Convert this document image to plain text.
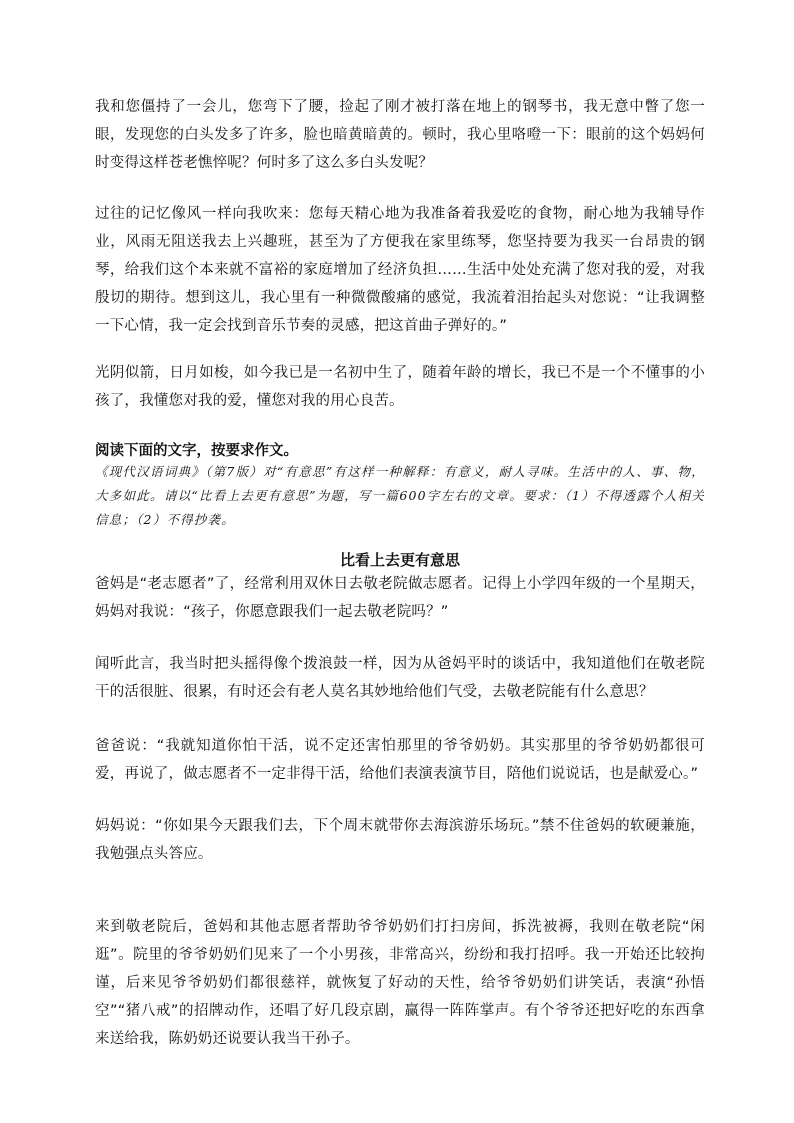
我和您僵持了一会儿，您弯下了腰，捡起了刚才被打落在地上的钢琴书，我无意中瞥了您一眼，发现您的白头发多了许多，脸也暗黄暗黄的。顿时，我心里咯噔一下：眼前的这个妈妈何时变得这样苍老憔悴呢？何时多了这么多白头发呢？

过往的记忆像风一样向我吹来：您每天精心地为我准备着我爱吃的食物，耐心地为我辅导作业，风雨无阻送我去上兴趣班，甚至为了方便我在家里练琴，您坚持要为我买一台昂贵的钢琴，给我们这个本来就不富裕的家庭增加了经济负担……生活中处处充满了您对我的爱，对我殷切的期待。想到这儿，我心里有一种微微酸痛的感觉，我流着泪抬起头对您说：“让我调整一下心情，我一定会找到音乐节奏的灵感，把这首曲子弹好的。”

光阴似箭，日月如梭，如今我已是一名初中生了，随着年龄的增长，我已不是一个不懂事的小孩了，我懂您对我的爱，懂您对我的用心良苦。

阅读下面的文字，按要求作文。

《现代汉语词典》（第7版）对“有意思”有这样一种解释：有意义，耐人寻味。生活中的人、事、物，大多如此。请以“比看上去更有意思”为题，写一篇600字左右的文章。要求：（1）不得透露个人相关信息；（2）不得抄袭。

比看上去更有意思

爸妈是“老志愿者”了，经常利用双休日去敬老院做志愿者。记得上小学四年级的一个星期天，妈妈对我说：“孩子，你愿意跟我们一起去敬老院吗？”

闻听此言，我当时把头摇得像个拨浪鼓一样，因为从爸妈平时的谈话中，我知道他们在敬老院干的活很脏、很累，有时还会有老人莫名其妙地给他们气受，去敬老院能有什么意思？

爸爸说：“我就知道你怕干活，说不定还害怕那里的爷爷奶奶。其实那里的爷爷奶奶都很可爱，再说了，做志愿者不一定非得干活，给他们表演表演节目，陪他们说说话，也是献爱心。”

妈妈说：“你如果今天跟我们去，下个周末就带你去海滨游乐场玩。”禁不住爸妈的软硬兼施，我勉强点头答应。

来到敬老院后，爸妈和其他志愿者帮助爷爷奶奶们打扫房间，拆洗被褥，我则在敬老院“闲逛”。院里的爷爷奶奶们见来了一个小男孩，非常高兴，纷纷和我打招呼。我一开始还比较拘谨，后来见爷爷奶奶们都很慈祥，就恢复了好动的天性，给爷爷奶奶们讲笑话，表演“孙悟空”“猪八戒”的招牌动作，还唱了好几段京剧，赢得一阵阵掌声。有个爷爷还把好吃的东西拿来送给我，陈奶奶还说要认我当干孙子。
